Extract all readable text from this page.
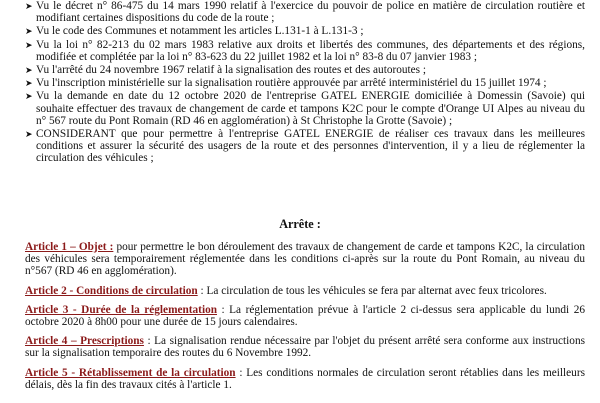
➤ Vu le décret n° 86-475 du 14 mars 1990 relatif à l'exercice du pouvoir de police en matière de circulation routière et modifiant certaines dispositions du code de la route ;
➤ Vu le code des Communes et notamment les articles L.131-1 à L.131-3 ;
➤ Vu la loi n° 82-213 du 02 mars 1983 relative aux droits et libertés des communes, des départements et des régions, modifiée et complétée par la loi n° 83-623 du 22 juillet 1982 et la loi n° 83-8 du 07 janvier 1983 ;
➤ Vu l'arrêté du 24 novembre 1967 relatif à la signalisation des routes et des autoroutes ;
➤ Vu l'inscription ministérielle sur la signalisation routière approuvée par arrêté interministériel du 15 juillet 1974 ;
➤ Vu la demande en date du 12 octobre 2020 de l'entreprise GATEL ENERGIE domiciliée à Domessin (Savoie) qui souhaite effectuer des travaux de changement de carde et tampons K2C pour le compte d'Orange UI Alpes au niveau du n° 567 route du Pont Romain (RD 46 en agglomération) à St Christophe la Grotte (Savoie) ;
➤ CONSIDERANT que pour permettre à l'entreprise GATEL ENERGIE de réaliser ces travaux dans les meilleures conditions et assurer la sécurité des usagers de la route et des personnes d'intervention, il y a lieu de réglementer la circulation des véhicules ;
Arrête :

Article 1 – Objet : pour permettre le bon déroulement des travaux de changement de carde et tampons K2C, la circulation des véhicules sera temporairement réglementée dans les conditions ci-après sur la route du Pont Romain, au niveau du n°567 (RD 46 en agglomération).

Article 2 - Conditions de circulation : La circulation de tous les véhicules se fera par alternat avec feux tricolores.

Article 3 - Durée de la réglementation : La réglementation prévue à l'article 2 ci-dessus sera applicable du lundi 26 octobre 2020 à 8h00 pour une durée de 15 jours calendaires.

Article 4 – Prescriptions : La signalisation rendue nécessaire par l'objet du présent arrêté sera conforme aux instructions sur la signalisation temporaire des routes du 6 Novembre 1992.

Article 5 - Rétablissement de la circulation : Les conditions normales de circulation seront rétablies dans les meilleurs délais, dès la fin des travaux cités à l'article 1.
